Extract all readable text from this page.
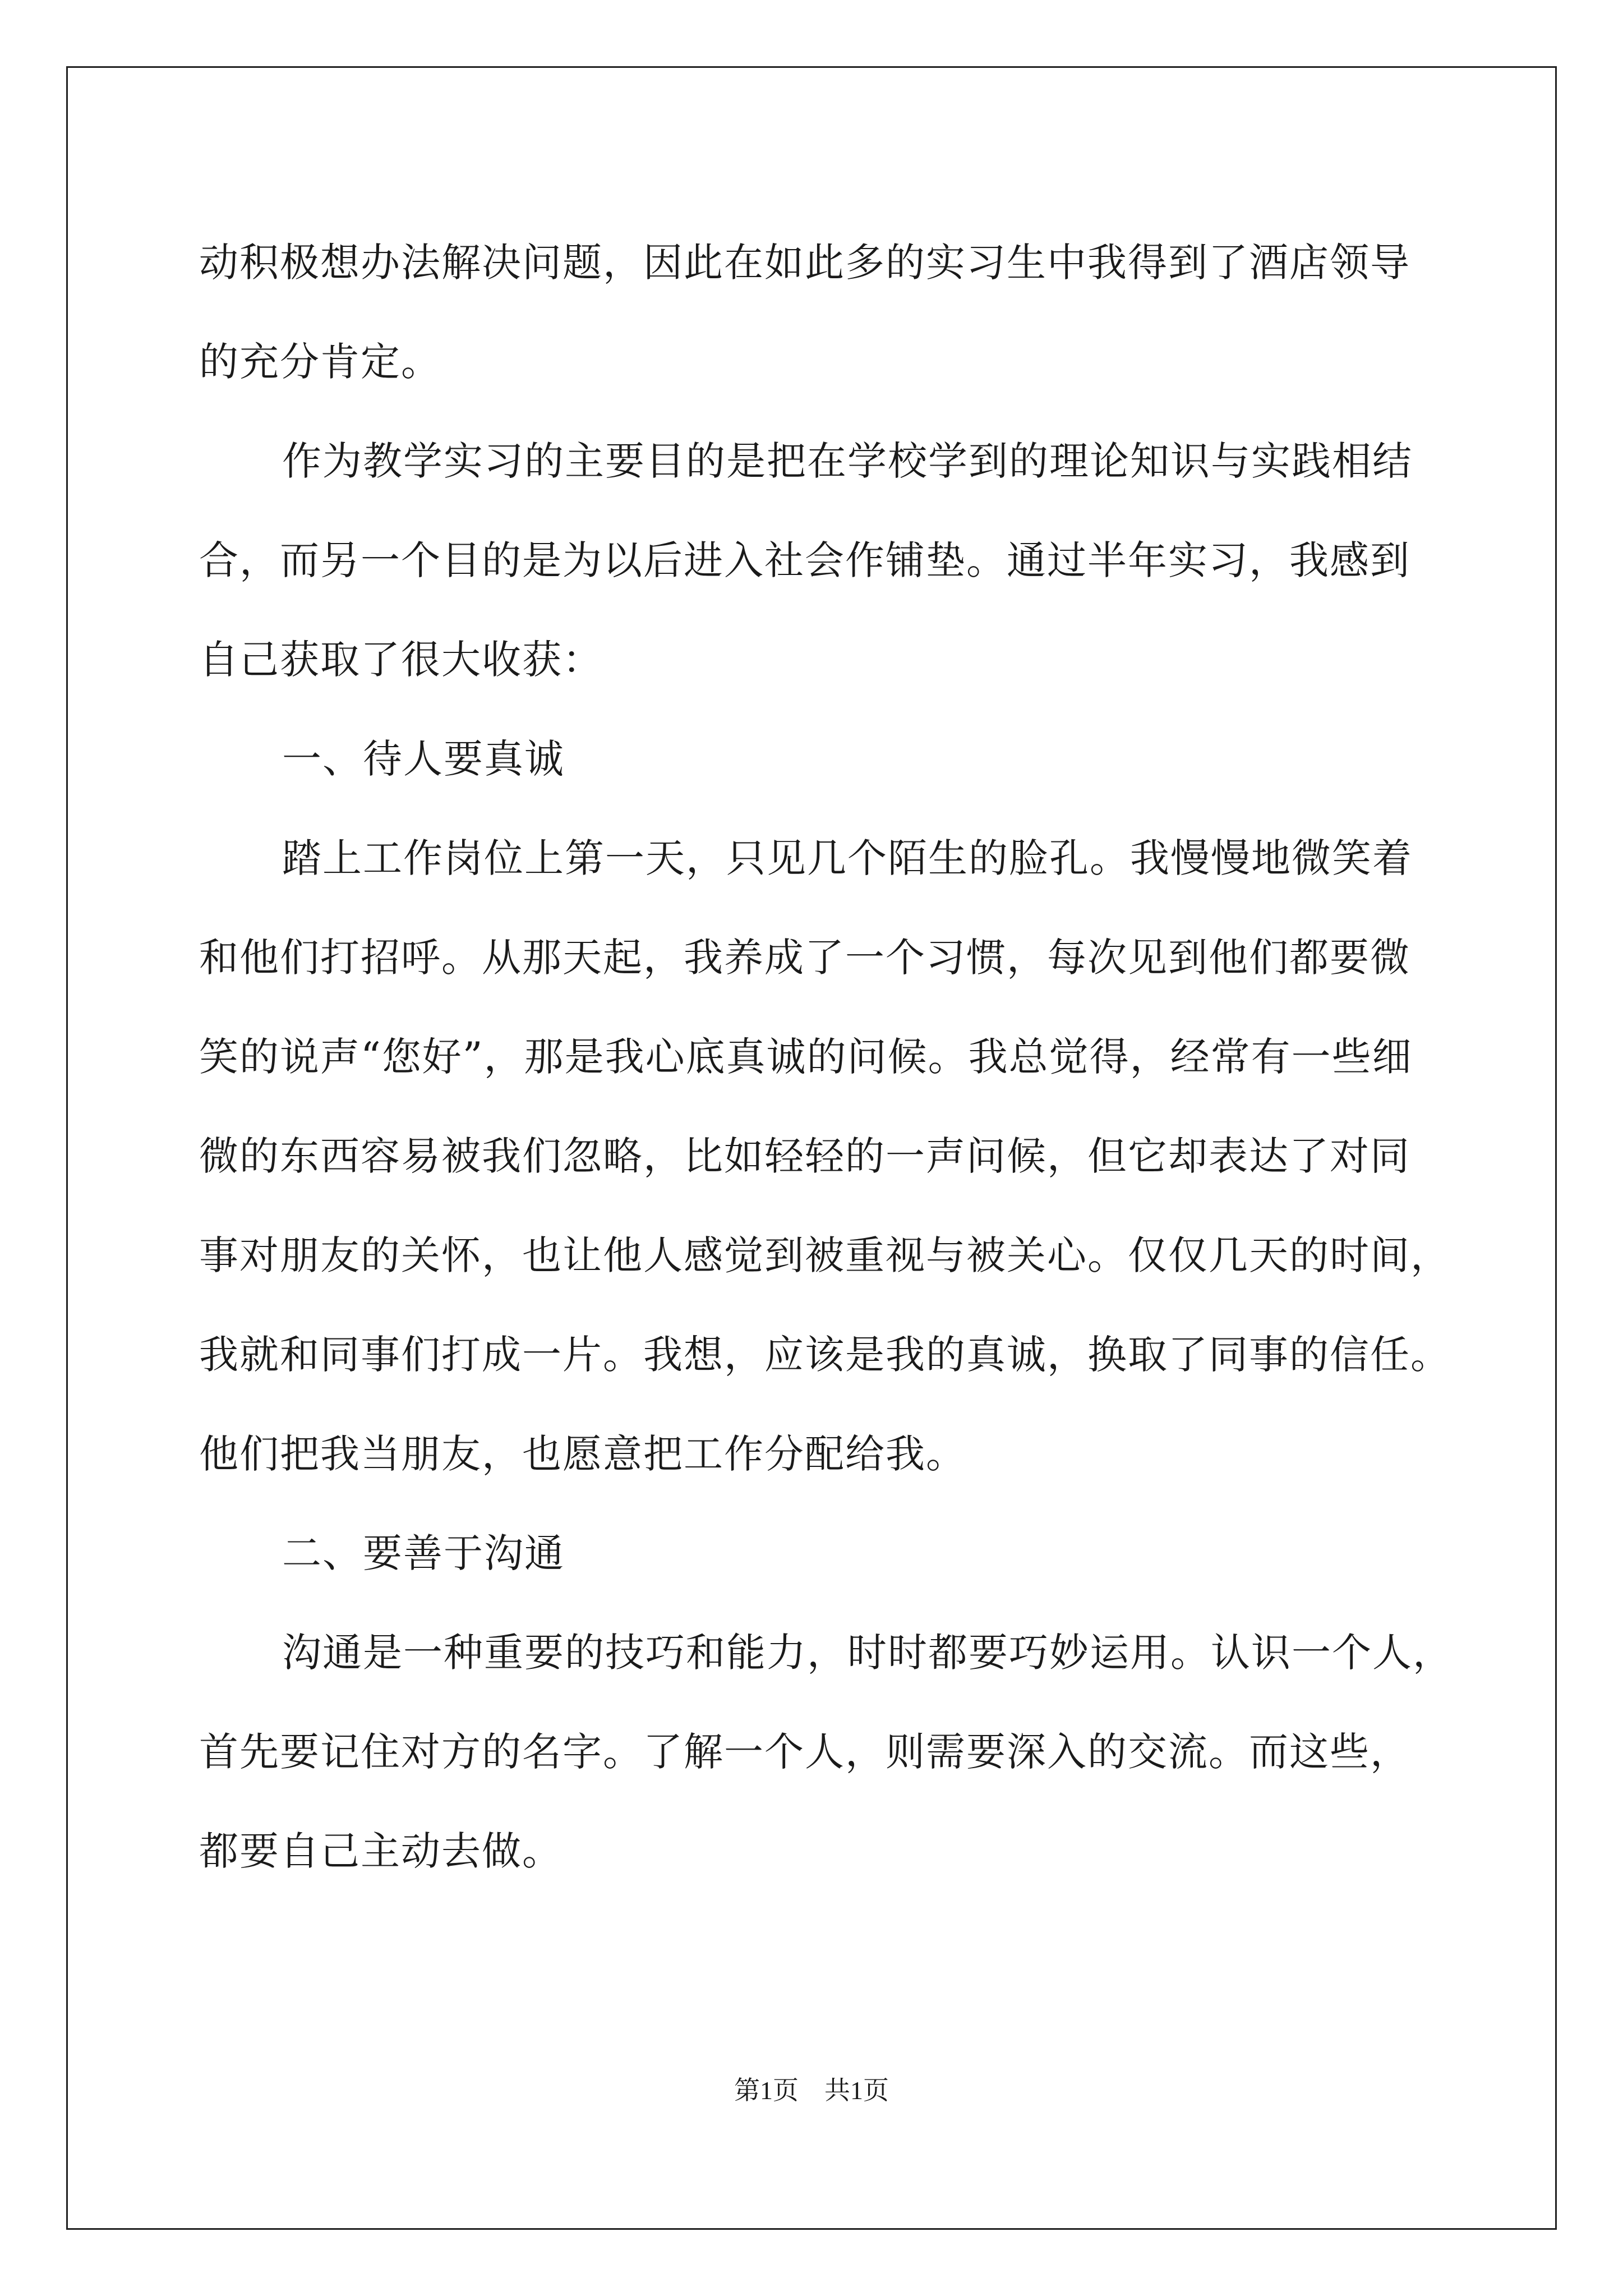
动积极想办法解决问题，因此在如此多的实习生中我得到了酒店领导
的充分肯定。
作为教学实习的主要目的是把在学校学到的理论知识与实践相结
合，而另一个目的是为以后进入社会作铺垫。通过半年实习，我感到
自己获取了很大收获：
一、待人要真诚
踏上工作岗位上第一天，只见几个陌生的脸孔。我慢慢地微笑着
和他们打招呼。从那天起，我养成了一个习惯，每次见到他们都要微
笑的说声“您好”，那是我心底真诚的问候。我总觉得，经常有一些细
微的东西容易被我们忽略，比如轻轻的一声问候，但它却表达了对同
事对朋友的关怀，也让他人感觉到被重视与被关心。仅仅几天的时间，
我就和同事们打成一片。我想，应该是我的真诚，换取了同事的信任。
他们把我当朋友，也愿意把工作分配给我。
二、要善于沟通
沟通是一种重要的技巧和能力，时时都要巧妙运用。认识一个人，
首先要记住对方的名字。了解一个人，则需要深入的交流。而这些，
都要自己主动去做。
第1页 共1页
